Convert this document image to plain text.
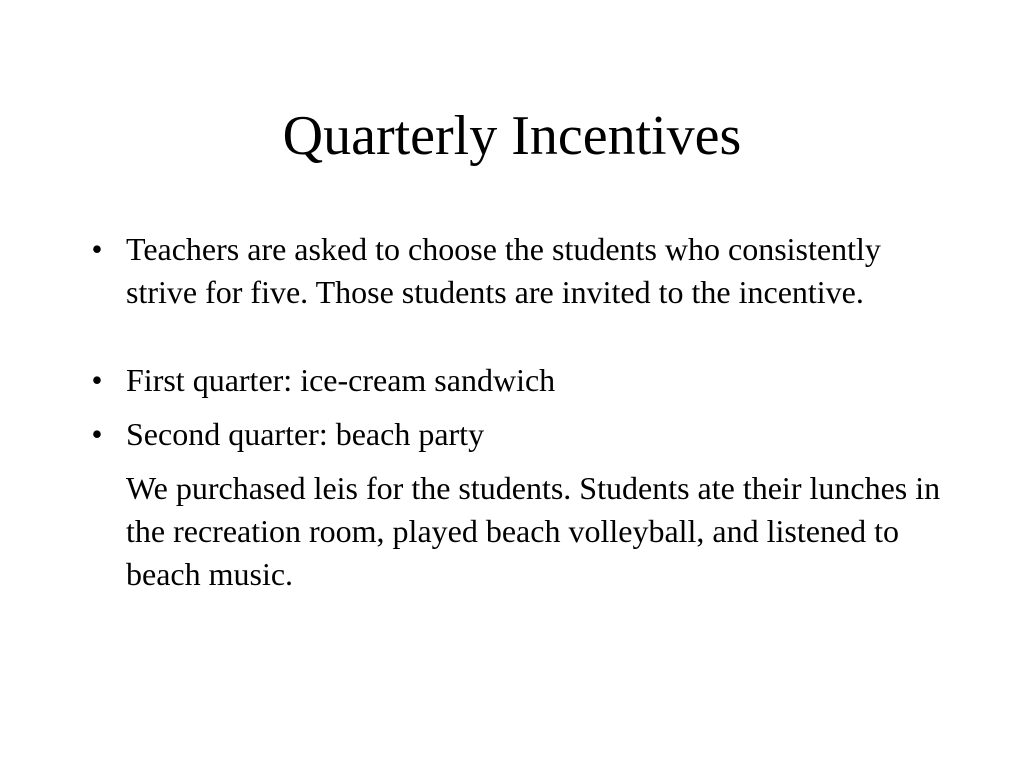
Quarterly Incentives
• Teachers are asked to choose the students who consistently strive for five. Those students are invited to the incentive.
• First quarter: ice-cream sandwich
• Second quarter: beach party
We purchased leis for the students. Students ate their lunches in the recreation room, played beach volleyball, and listened to beach music.
